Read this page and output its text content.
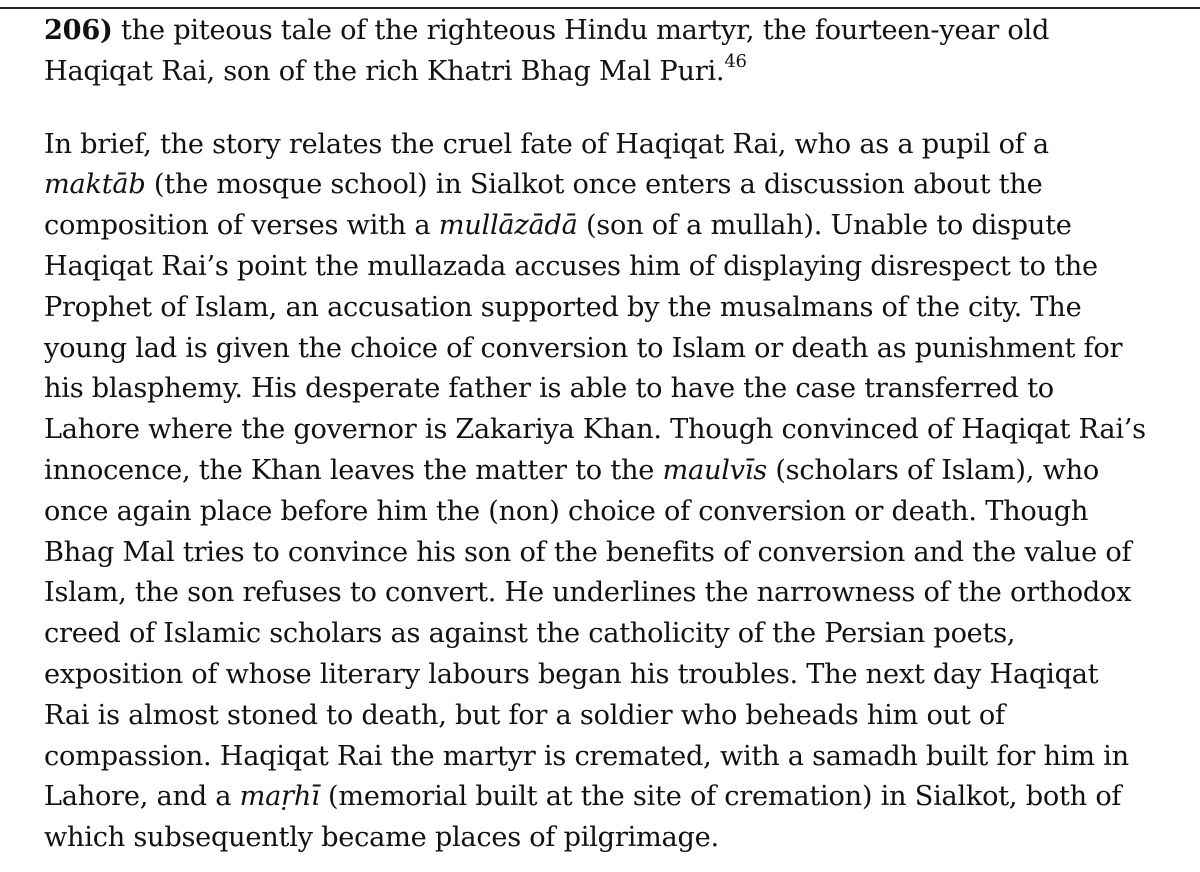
206) the piteous tale of the righteous Hindu martyr, the fourteen-year old

Haqiqat Rai, son of the rich Khatri Bhag Mal Puri.$^{46}$

In brief, the story relates the cruel fate of Haqiqat Rai, who as a pupil of a

maktāb (the mosque school) in Sialkot once enters a discussion about the

composition of verses with a mullāzādā (son of a mullah). Unable to dispute

Haqiqat Rai’s point the mullazada accuses him of displaying disrespect to the

Prophet of Islam, an accusation supported by the musalmans of the city. The

young lad is given the choice of conversion to Islam or death as punishment for

his blasphemy. His desperate father is able to have the case transferred to

Lahore where the governor is Zakariya Khan. Though convinced of Haqiqat Rai’s

innocence, the Khan leaves the matter to the maulvīs (scholars of Islam), who

once again place before him the (non) choice of conversion or death. Though

Bhag Mal tries to convince his son of the benefits of conversion and the value of

Islam, the son refuses to convert. He underlines the narrowness of the orthodox

creed of Islamic scholars as against the catholicity of the Persian poets,

exposition of whose literary labours began his troubles. The next day Haqiqat

Rai is almost stoned to death, but for a soldier who beheads him out of

compassion. Haqiqat Rai the martyr is cremated, with a samadh built for him in

Lahore, and a maṛhī (memorial built at the site of cremation) in Sialkot, both of

which subsequently became places of pilgrimage.
